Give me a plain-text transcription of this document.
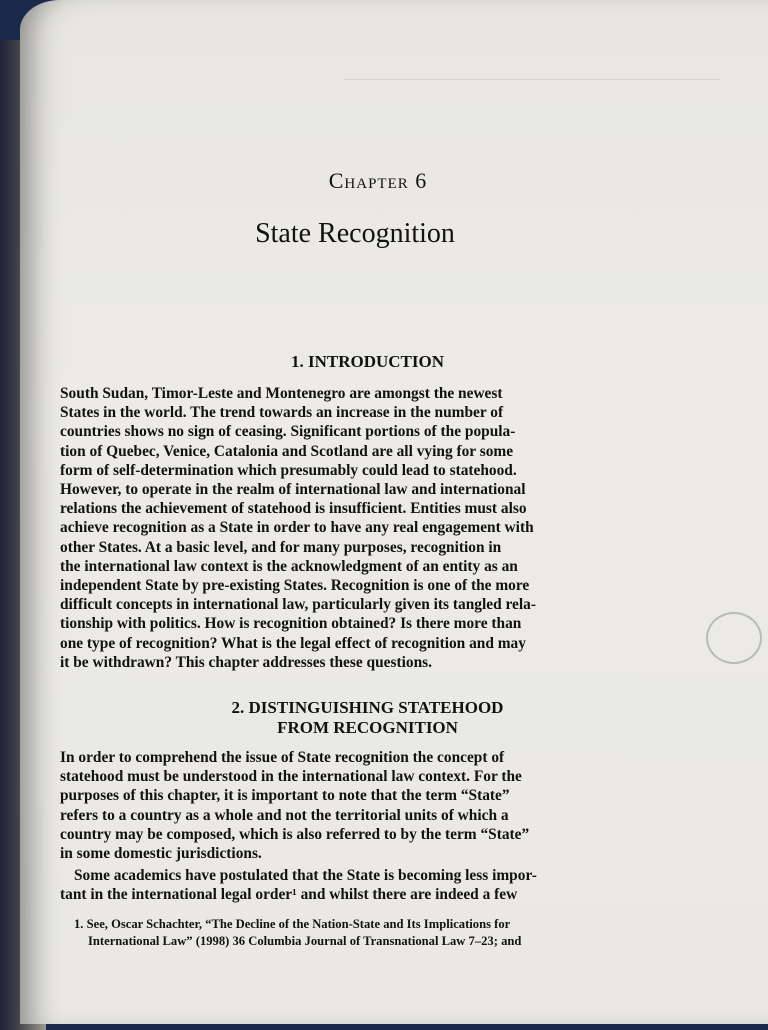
_______________________________________________
Chapter 6
State Recognition
1. INTRODUCTION
South Sudan, Timor-Leste and Montenegro are amongst the newest
States in the world. The trend towards an increase in the number of
countries shows no sign of ceasing. Significant portions of the popula-
tion of Quebec, Venice, Catalonia and Scotland are all vying for some
form of self-determination which presumably could lead to statehood.
However, to operate in the realm of international law and international
relations the achievement of statehood is insufficient. Entities must also
achieve recognition as a State in order to have any real engagement with
other States. At a basic level, and for many purposes, recognition in
the international law context is the acknowledgment of an entity as an
independent State by pre-existing States. Recognition is one of the more
difficult concepts in international law, particularly given its tangled rela-
tionship with politics. How is recognition obtained? Is there more than
one type of recognition? What is the legal effect of recognition and may
it be withdrawn? This chapter addresses these questions.
2. DISTINGUISHING STATEHOOD
FROM RECOGNITION
In order to comprehend the issue of State recognition the concept of
statehood must be understood in the international law context. For the
purposes of this chapter, it is important to note that the term “State”
refers to a country as a whole and not the territorial units of which a
country may be composed, which is also referred to by the term “State”
in some domestic jurisdictions.
Some academics have postulated that the State is becoming less impor-
tant in the international legal order¹ and whilst there are indeed a few
1. See, Oscar Schachter, “The Decline of the Nation-State and Its Implications for
International Law” (1998) 36 Columbia Journal of Transnational Law 7–23; and
